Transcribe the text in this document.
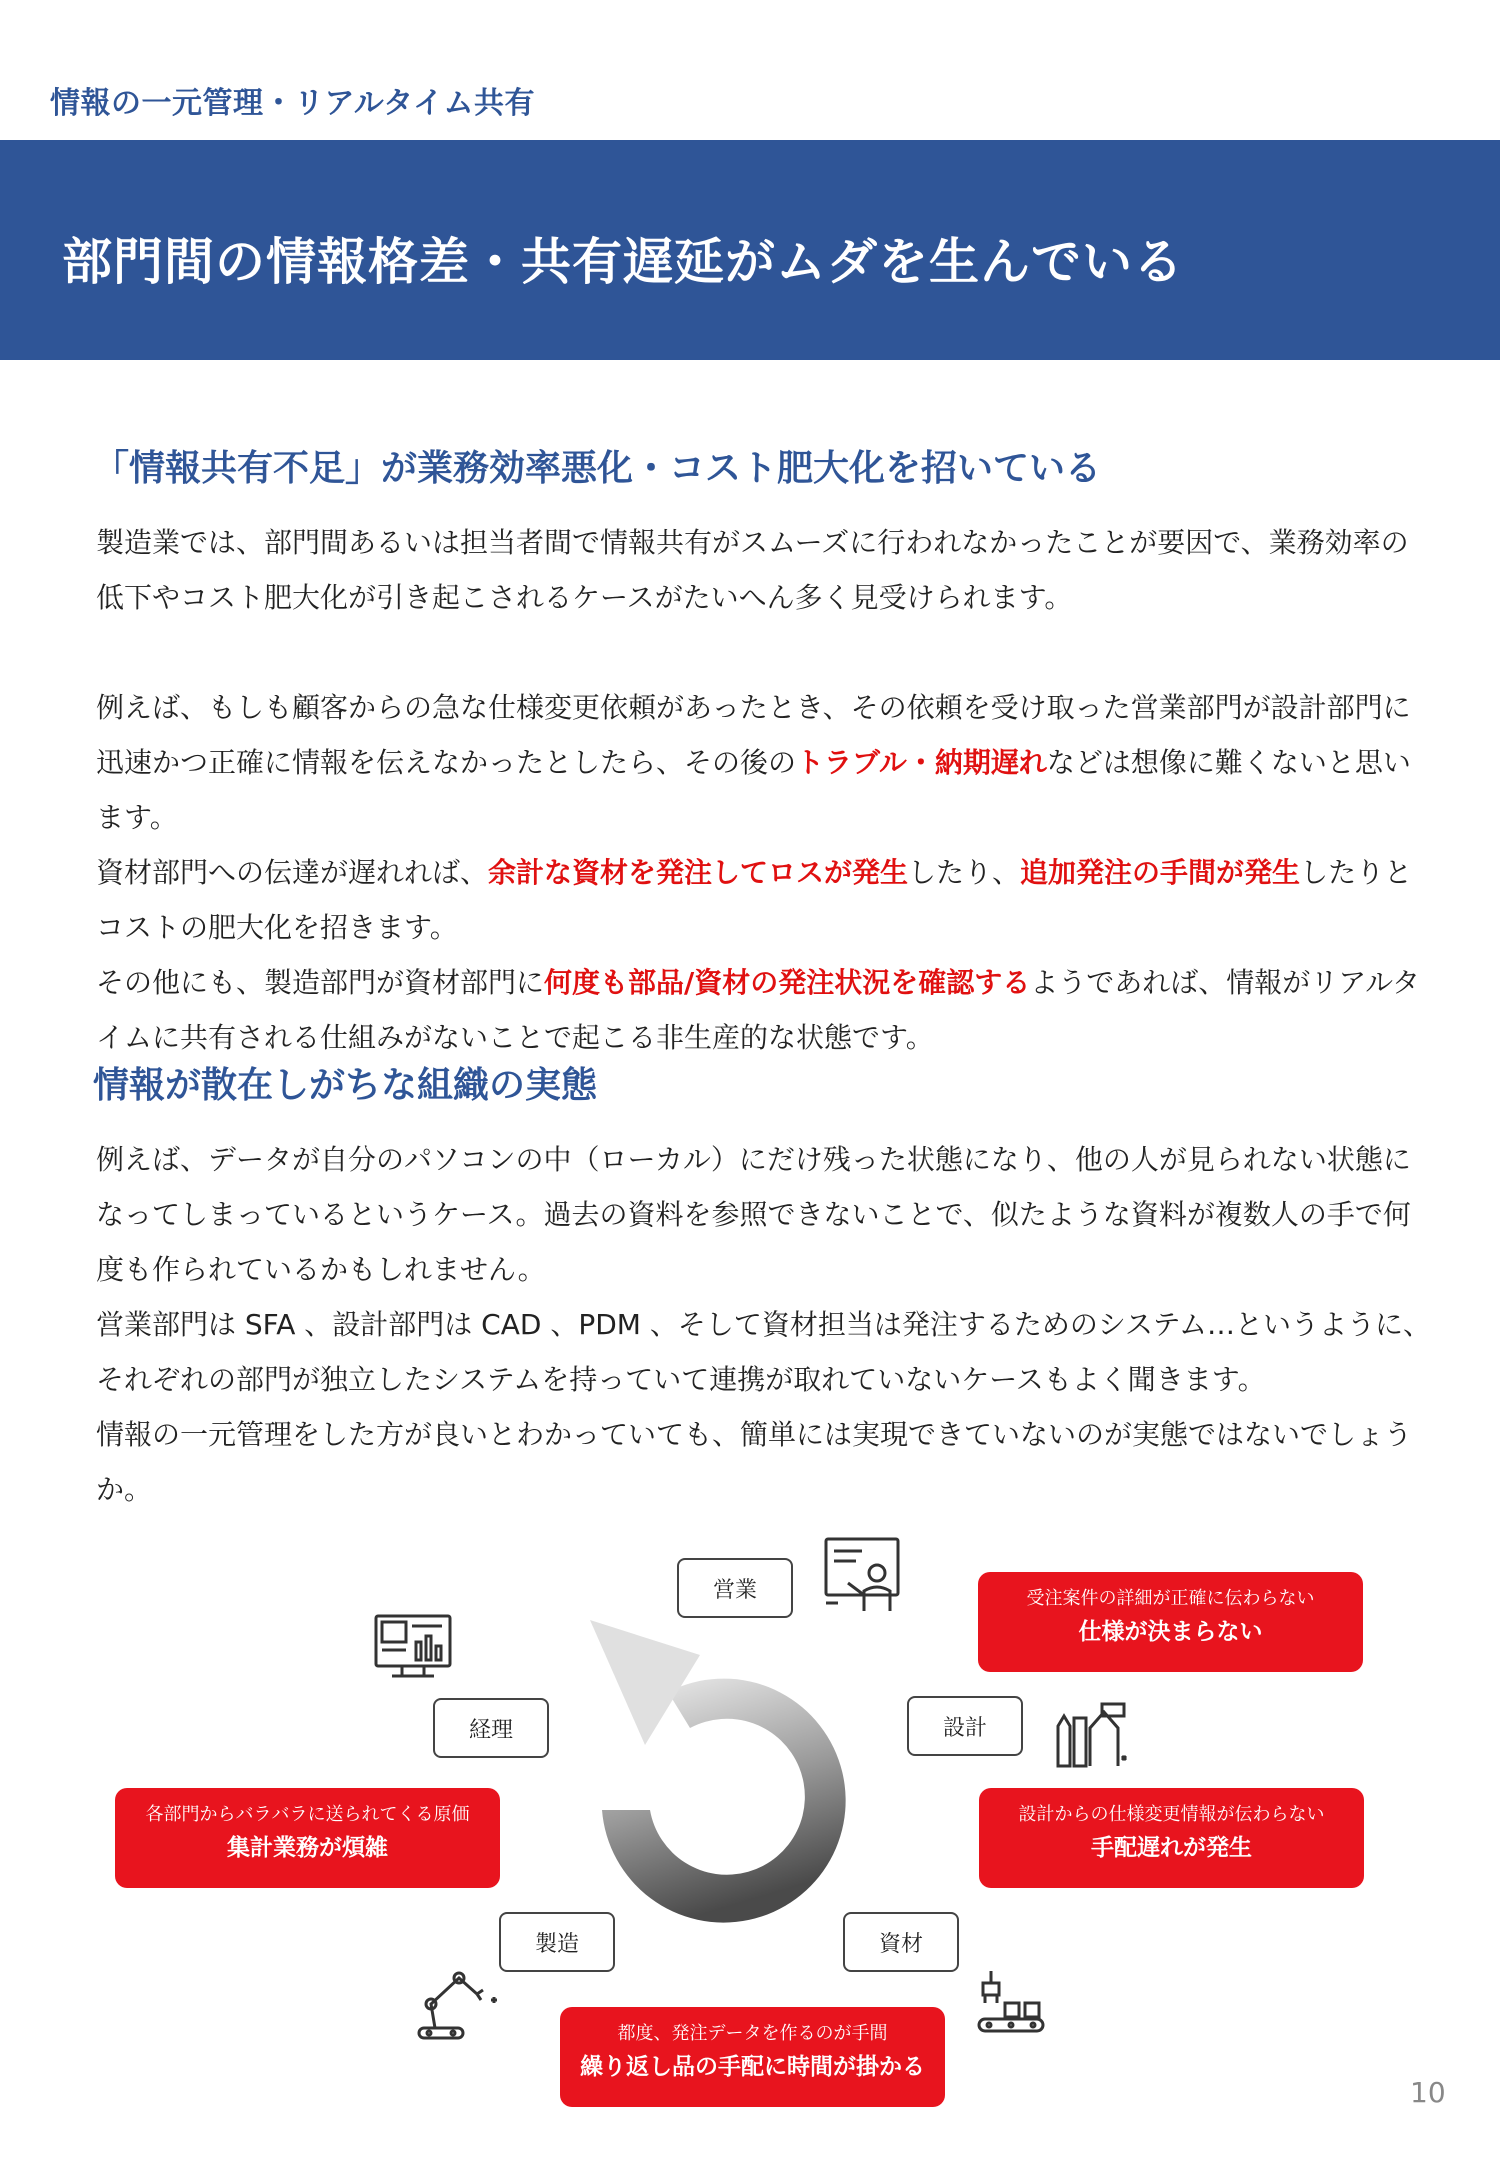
情報の一元管理・リアルタイム共有
部門間の情報格差・共有遅延がムダを生んでいる
「情報共有不足」が業務効率悪化・コスト肥大化を招いている

製造業では、部門間あるいは担当者間で情報共有がスムーズに行われなかったことが要因で、業務効率の低下やコスト肥大化が引き起こされるケースがたいへん多く見受けられます。

例えば、もしも顧客からの急な仕様変更依頼があったとき、その依頼を受け取った営業部門が設計部門に迅速かつ正確に情報を伝えなかったとしたら、その後のトラブル・納期遅れなどは想像に難くないと思います。

資材部門への伝達が遅れれば、余計な資材を発注してロスが発生したり、追加発注の手間が発生したりとコストの肥大化を招きます。

その他にも、製造部門が資材部門に何度も部品/資材の発注状況を確認するようであれば、情報がリアルタイムに共有される仕組みがないことで起こる非生産的な状態です。

情報が散在しがちな組織の実態

例えば、データが自分のパソコンの中（ローカル）にだけ残った状態になり、他の人が見られない状態になってしまっているというケース。過去の資料を参照できないことで、似たような資料が複数人の手で何度も作られているかもしれません。

営業部門は SFA 、設計部門は CAD 、PDM 、そして資材担当は発注するためのシステム…というように、それぞれの部門が独立したシステムを持っていて連携が取れていないケースもよく聞きます。

情報の一元管理をした方が良いとわかっていても、簡単には実現できていないのが実態ではないでしょうか。

営業
設計
資材
製造
経理
受注案件の詳細が正確に伝わらない
仕様が決まらない
設計からの仕様変更情報が伝わらない
手配遅れが発生
都度、発注データを作るのが手間
繰り返し品の手配に時間が掛かる
各部門からバラバラに送られてくる原価
集計業務が煩雑
10
